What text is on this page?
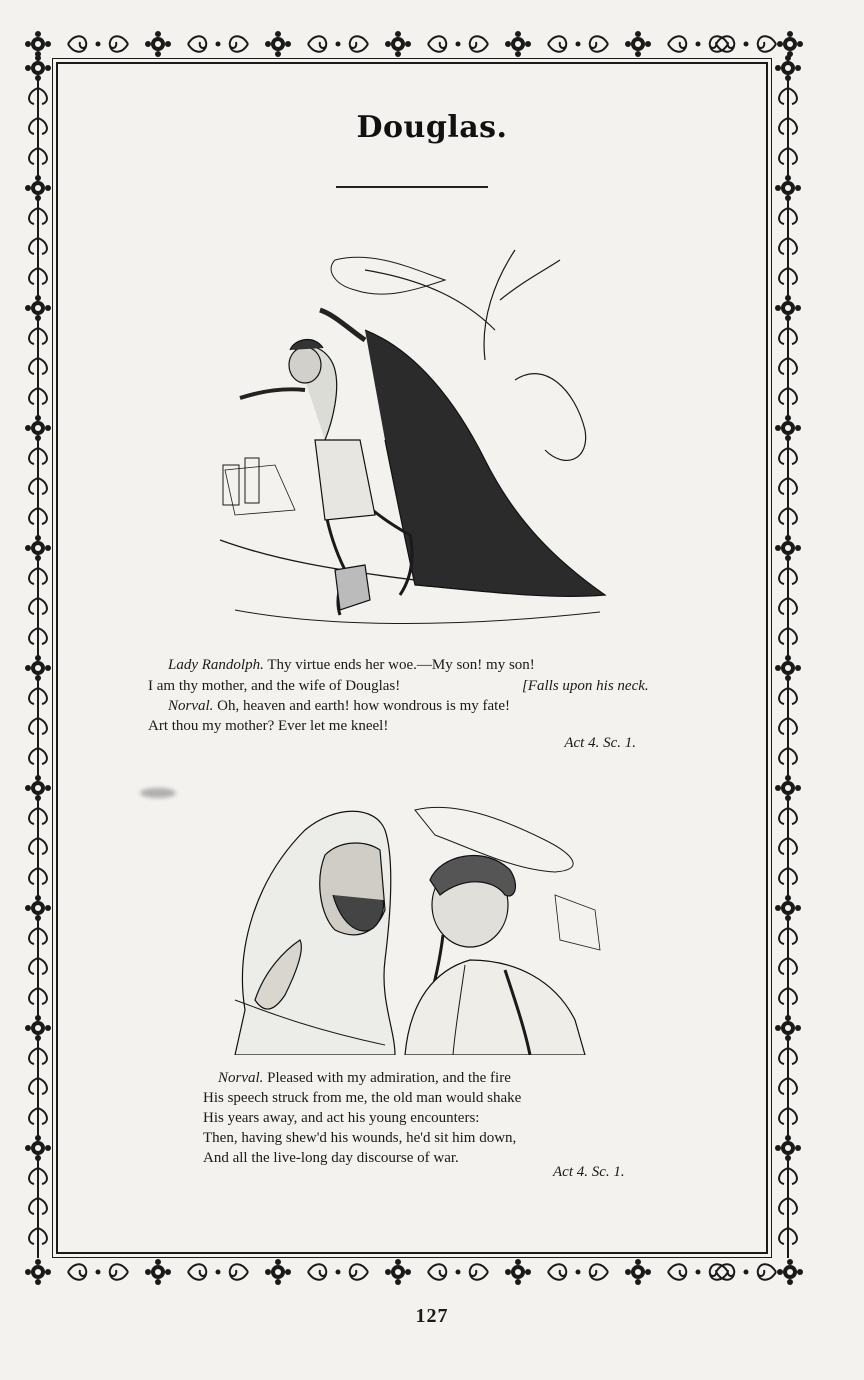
Douglas.
Lady Randolph. Thy virtue ends her woe.—My son! my son!
I am thy mother, and the wife of Douglas!	[Falls upon his neck.
Norval. Oh, heaven and earth! how wondrous is my fate!
Art thou my mother? Ever let me kneel!
Act 4. Sc. 1.
Norval. Pleased with my admiration, and the fire
His speech struck from me, the old man would shake
His years away, and act his young encounters:
Then, having shew'd his wounds, he'd sit him down,
And all the live-long day discourse of war.
Act 4. Sc. 1.
127
